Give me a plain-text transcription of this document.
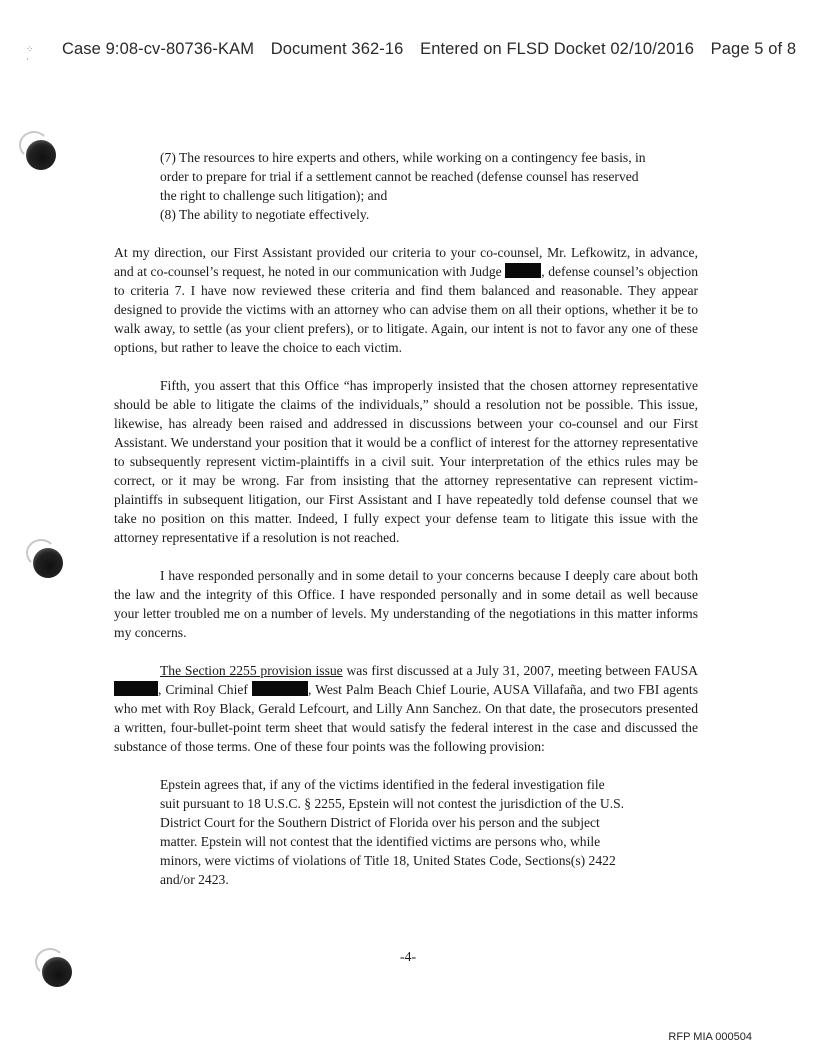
Case 9:08-cv-80736-KAM Document 362-16 Entered on FLSD Docket 02/10/2016 Page 5 of 8
⁘
·

(7) The resources to hire experts and others, while working on a contingency fee basis, in order to prepare for trial if a settlement cannot be reached (defense counsel has reserved the right to challenge such litigation); and

(8) The ability to negotiate effectively.

At my direction, our First Assistant provided our criteria to your co-counsel, Mr. Lefkowitz, in advance, and at co-counsel’s request, he noted in our communication with Judge	, defense counsel’s objection to criteria 7. I have now reviewed these criteria and find them balanced and reasonable. They appear designed to provide the victims with an attorney who can advise them on all their options, whether it be to walk away, to settle (as your client prefers), or to litigate. Again, our intent is not to favor any one of these options, but rather to leave the choice to each victim.

Fifth, you assert that this Office “has improperly insisted that the chosen attorney representative should be able to litigate the claims of the individuals,” should a resolution not be possible. This issue, likewise, has already been raised and addressed in discussions between your co-counsel and our First Assistant. We understand your position that it would be a conflict of interest for the attorney representative to subsequently represent victim-plaintiffs in a civil suit. Your interpretation of the ethics rules may be correct, or it may be wrong. Far from insisting that the attorney representative can represent victim-plaintiffs in subsequent litigation, our First Assistant and I have repeatedly told defense counsel that we take no position on this matter. Indeed, I fully expect your defense team to litigate this issue with the attorney representative if a resolution is not reached.

I have responded personally and in some detail to your concerns because I deeply care about both the law and the integrity of this Office. I have responded personally and in some detail as well because your letter troubled me on a number of levels. My understanding of the negotiations in this matter informs my concerns.

The Section 2255 provision issue was first discussed at a July 31, 2007, meeting between FAUSA , Criminal Chief	, West Palm Beach Chief Lourie, AUSA Villafaña, and two FBI agents who met with Roy Black, Gerald Lefcourt, and Lilly Ann Sanchez. On that date, the prosecutors presented a written, four-bullet-point term sheet that would satisfy the federal interest in the case and discussed the substance of those terms. One of these four points was the following provision:

Epstein agrees that, if any of the victims identified in the federal investigation file suit pursuant to 18 U.S.C. § 2255, Epstein will not contest the jurisdiction of the U.S. District Court for the Southern District of Florida over his person and the subject matter. Epstein will not contest that the identified victims are persons who, while minors, were victims of violations of Title 18, United States Code, Sections(s) 2422 and/or 2423.

-4-
RFP MIA 000504
